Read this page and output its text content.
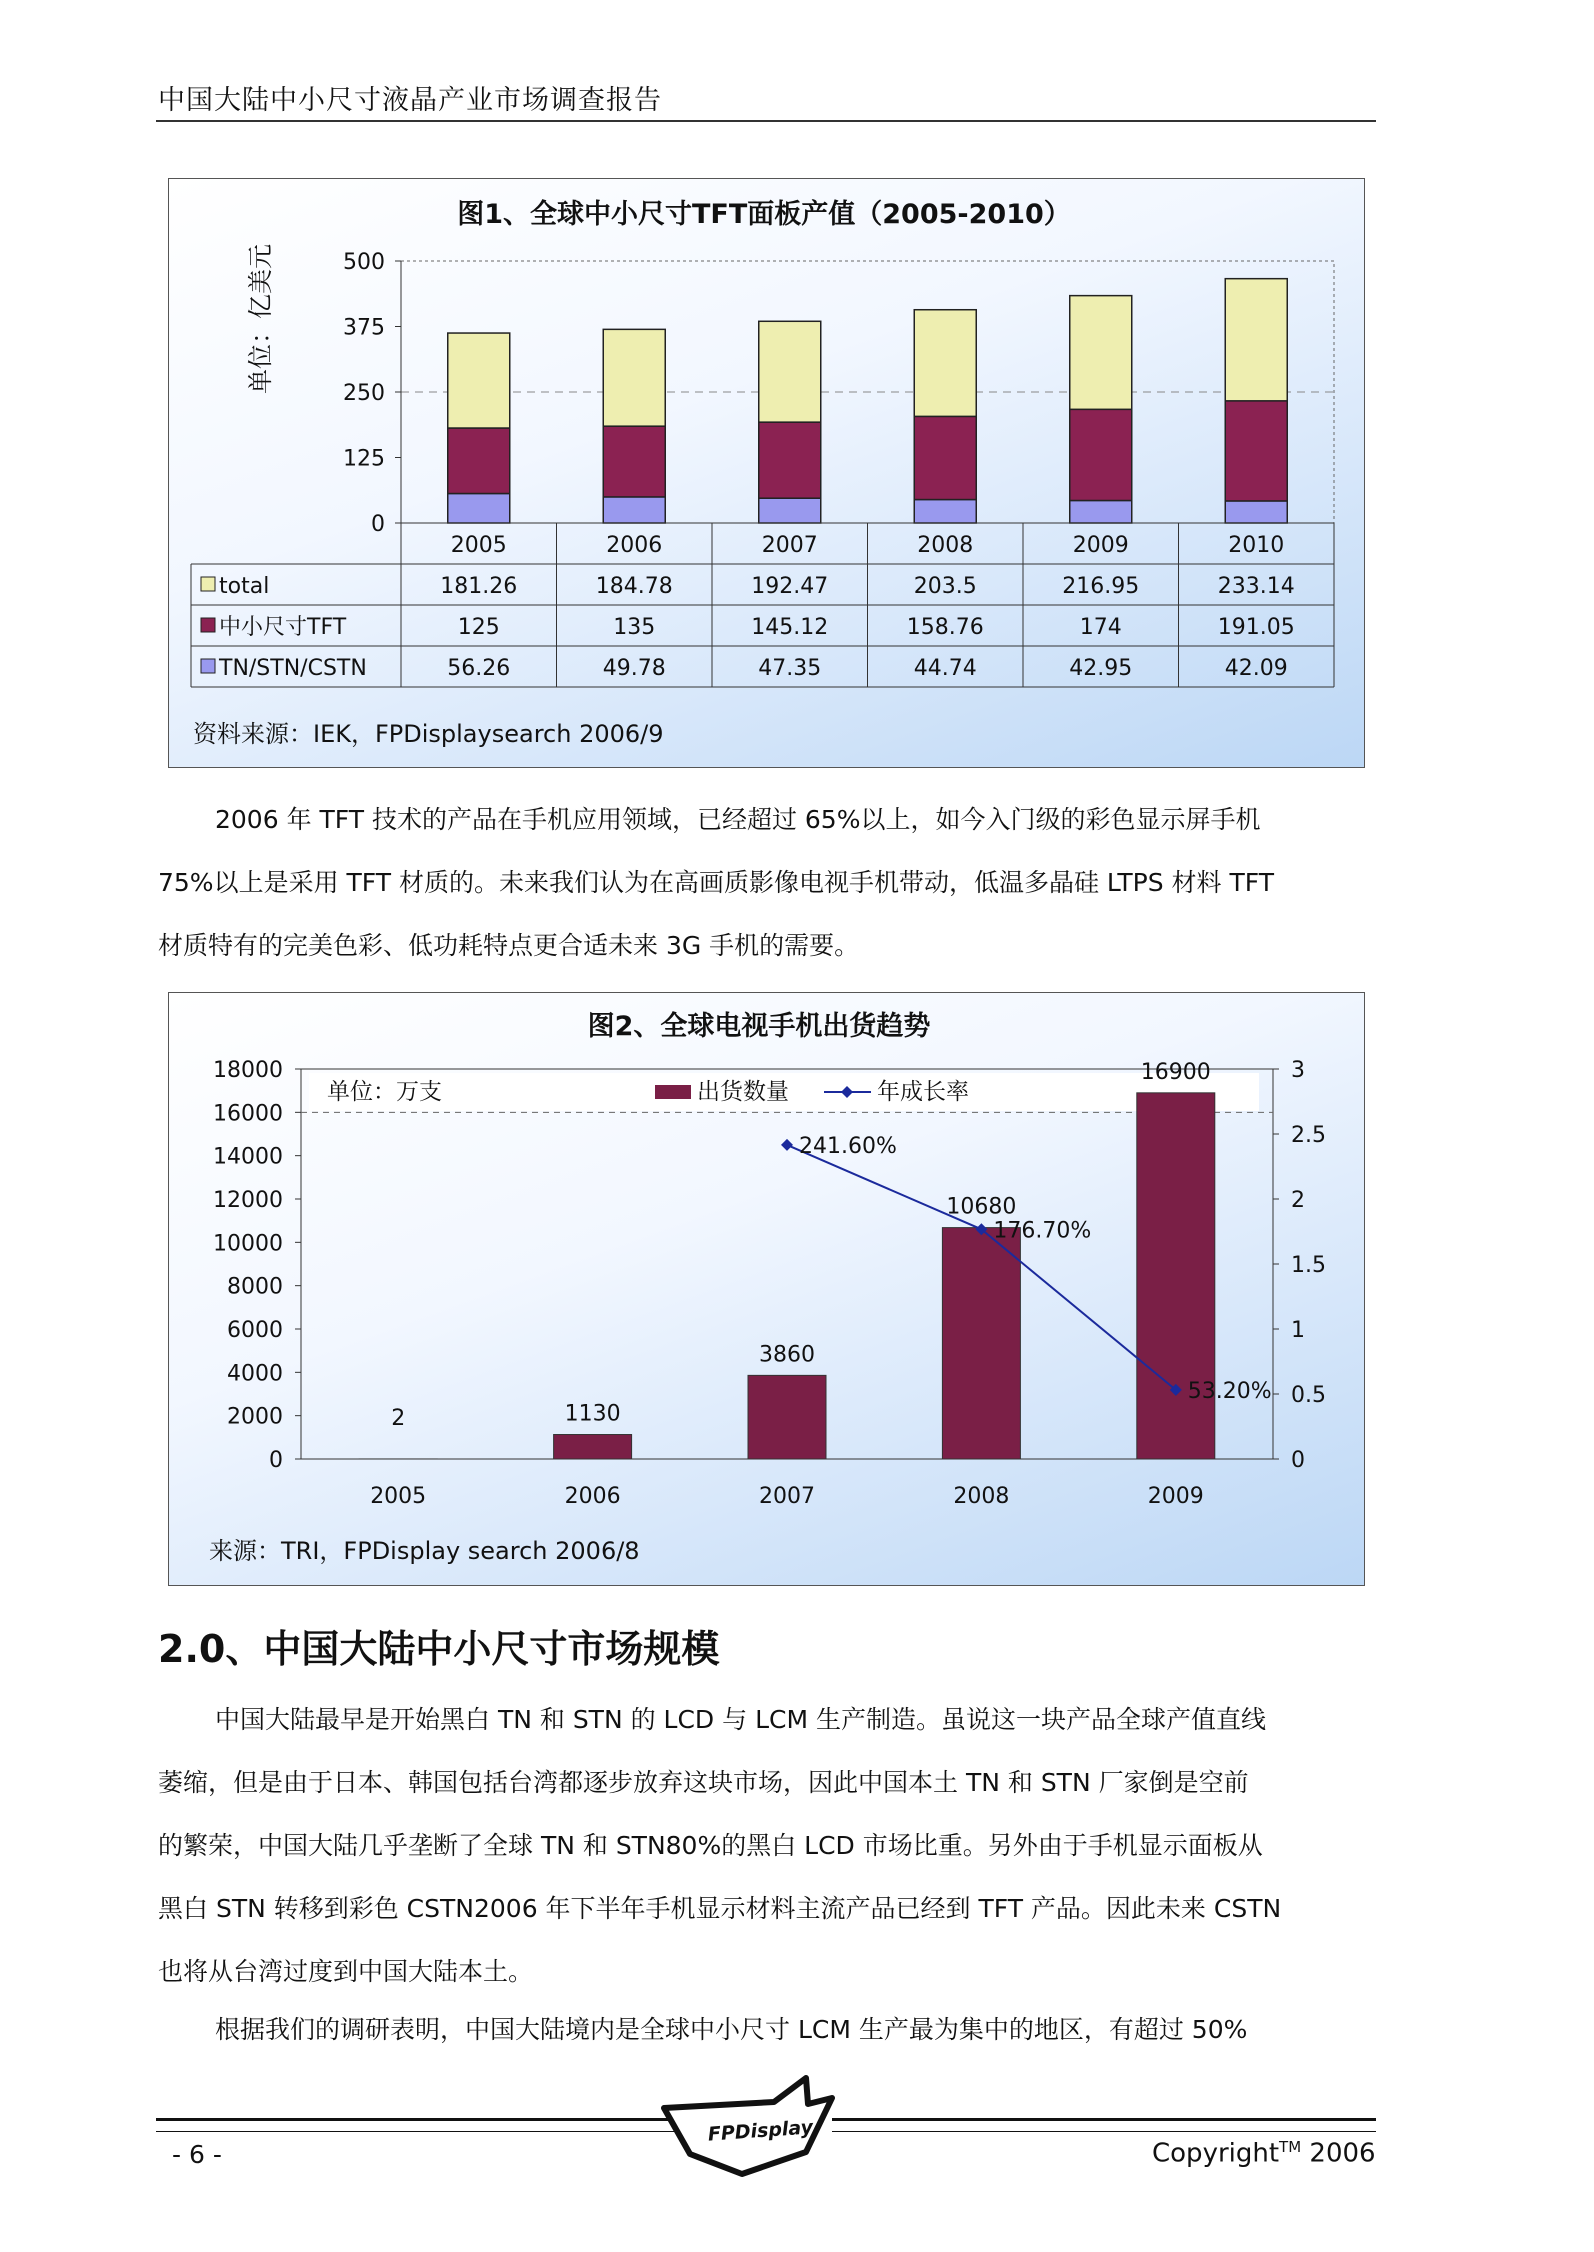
中国大陆中小尺寸液晶产业市场调查报告
图1、全球中小尺寸TFT面板产值（2005-2010）
单位：亿美元
资料来源：IEK，FPDisplaysearch 2006/9
0
125
250
375
500
2005	2006	2007	2008	2009	2010
total	181.26	184.78	192.47	203.5	216.95	233.14
中小尺寸TFT	125	135	145.12	158.76	174	191.05
TN/STN/CSTN	56.26	49.78	47.35	44.74	42.95	42.09

2006 年 TFT 技术的产品在手机应用领域，已经超过 65%以上，如今入门级的彩色显示屏手机

75%以上是采用 TFT 材质的。未来我们认为在高画质影像电视手机带动，低温多晶硅 LTPS 材料 TFT

材质特有的完美色彩、低功耗特点更合适未来 3G 手机的需要。

图2、全球电视手机出货趋势
来源：TRI，FPDisplay search 2006/8
0
2000
4000
6000
8000
10000
12000
14000
16000
18000
0
0.5
1
1.5
2
2.5
3
2005	2006	2007	2008	2009
2	1130
3860
10680
16900
241.60%
176.70%
53.20%
出货数量	年成长率
单位：万支
2.0、中国大陆中小尺寸市场规模

中国大陆最早是开始黑白 TN 和 STN 的 LCD 与 LCM 生产制造。虽说这一块产品全球产值直线

萎缩，但是由于日本、韩国包括台湾都逐步放弃这块市场，因此中国本土 TN 和 STN 厂家倒是空前

的繁荣，中国大陆几乎垄断了全球 TN 和 STN80%的黑白 LCD 市场比重。另外由于手机显示面板从

黑白 STN 转移到彩色 CSTN2006 年下半年手机显示材料主流产品已经到 TFT 产品。因此未来 CSTN

也将从台湾过度到中国大陆本土。

根据我们的调研表明，中国大陆境内是全球中小尺寸 LCM 生产最为集中的地区，有超过 50%

FPDisplay
- 6 -	Copyright™ 2006
